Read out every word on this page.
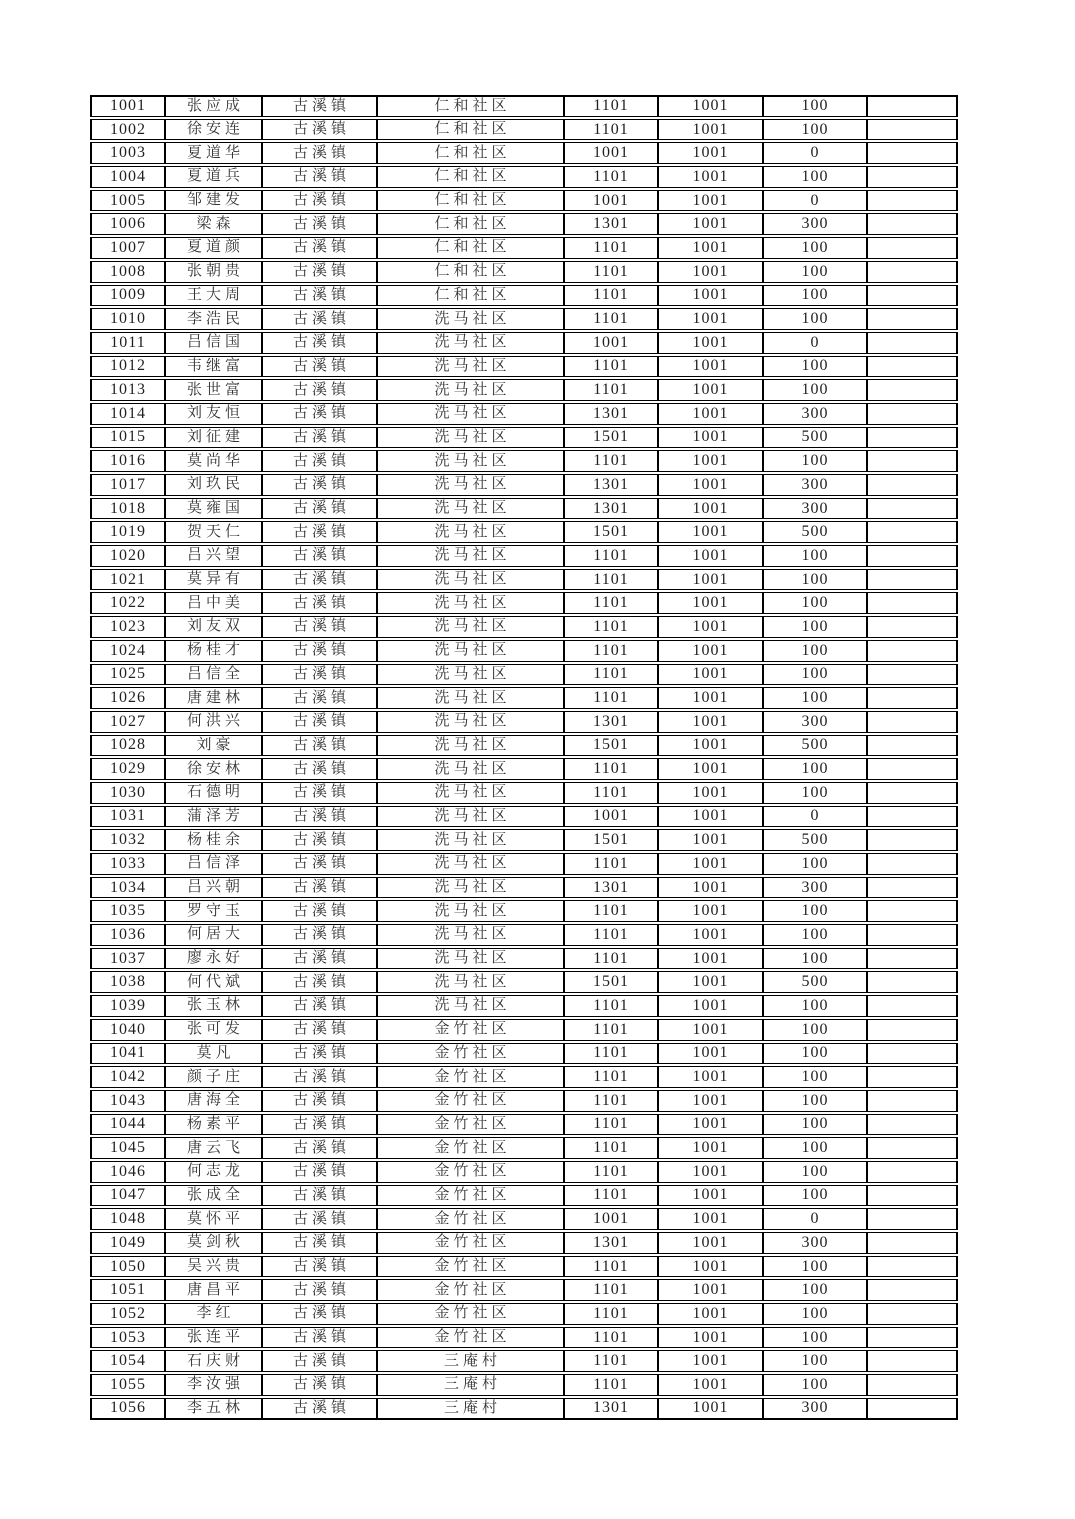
1001	张应成	古溪镇	仁和社区	1101	1001	100	
1002	徐安连	古溪镇	仁和社区	1101	1001	100	
1003	夏道华	古溪镇	仁和社区	1001	1001	0	
1004	夏道兵	古溪镇	仁和社区	1101	1001	100	
1005	邹建发	古溪镇	仁和社区	1001	1001	0	
1006	梁森	古溪镇	仁和社区	1301	1001	300	
1007	夏道颜	古溪镇	仁和社区	1101	1001	100	
1008	张朝贵	古溪镇	仁和社区	1101	1001	100	
1009	王大周	古溪镇	仁和社区	1101	1001	100	
1010	李浩民	古溪镇	洗马社区	1101	1001	100	
1011	吕信国	古溪镇	洗马社区	1001	1001	0	
1012	韦继富	古溪镇	洗马社区	1101	1001	100	
1013	张世富	古溪镇	洗马社区	1101	1001	100	
1014	刘友恒	古溪镇	洗马社区	1301	1001	300	
1015	刘征建	古溪镇	洗马社区	1501	1001	500	
1016	莫尚华	古溪镇	洗马社区	1101	1001	100	
1017	刘玖民	古溪镇	洗马社区	1301	1001	300	
1018	莫雍国	古溪镇	洗马社区	1301	1001	300	
1019	贺天仁	古溪镇	洗马社区	1501	1001	500	
1020	吕兴望	古溪镇	洗马社区	1101	1001	100	
1021	莫异有	古溪镇	洗马社区	1101	1001	100	
1022	吕中美	古溪镇	洗马社区	1101	1001	100	
1023	刘友双	古溪镇	洗马社区	1101	1001	100	
1024	杨桂才	古溪镇	洗马社区	1101	1001	100	
1025	吕信全	古溪镇	洗马社区	1101	1001	100	
1026	唐建林	古溪镇	洗马社区	1101	1001	100	
1027	何洪兴	古溪镇	洗马社区	1301	1001	300	
1028	刘豪	古溪镇	洗马社区	1501	1001	500	
1029	徐安林	古溪镇	洗马社区	1101	1001	100	
1030	石德明	古溪镇	洗马社区	1101	1001	100	
1031	蒲泽芳	古溪镇	洗马社区	1001	1001	0	
1032	杨桂余	古溪镇	洗马社区	1501	1001	500	
1033	吕信泽	古溪镇	洗马社区	1101	1001	100	
1034	吕兴朝	古溪镇	洗马社区	1301	1001	300	
1035	罗守玉	古溪镇	洗马社区	1101	1001	100	
1036	何居大	古溪镇	洗马社区	1101	1001	100	
1037	廖永好	古溪镇	洗马社区	1101	1001	100	
1038	何代斌	古溪镇	洗马社区	1501	1001	500	
1039	张玉林	古溪镇	洗马社区	1101	1001	100	
1040	张可发	古溪镇	金竹社区	1101	1001	100	
1041	莫凡	古溪镇	金竹社区	1101	1001	100	
1042	颜子庄	古溪镇	金竹社区	1101	1001	100	
1043	唐海全	古溪镇	金竹社区	1101	1001	100	
1044	杨素平	古溪镇	金竹社区	1101	1001	100	
1045	唐云飞	古溪镇	金竹社区	1101	1001	100	
1046	何志龙	古溪镇	金竹社区	1101	1001	100	
1047	张成全	古溪镇	金竹社区	1101	1001	100	
1048	莫怀平	古溪镇	金竹社区	1001	1001	0	
1049	莫剑秋	古溪镇	金竹社区	1301	1001	300	
1050	吴兴贵	古溪镇	金竹社区	1101	1001	100	
1051	唐昌平	古溪镇	金竹社区	1101	1001	100	
1052	李红	古溪镇	金竹社区	1101	1001	100	
1053	张连平	古溪镇	金竹社区	1101	1001	100	
1054	石庆财	古溪镇	三庵村	1101	1001	100	
1055	李汝强	古溪镇	三庵村	1101	1001	100	
1056	李五林	古溪镇	三庵村	1301	1001	300	
